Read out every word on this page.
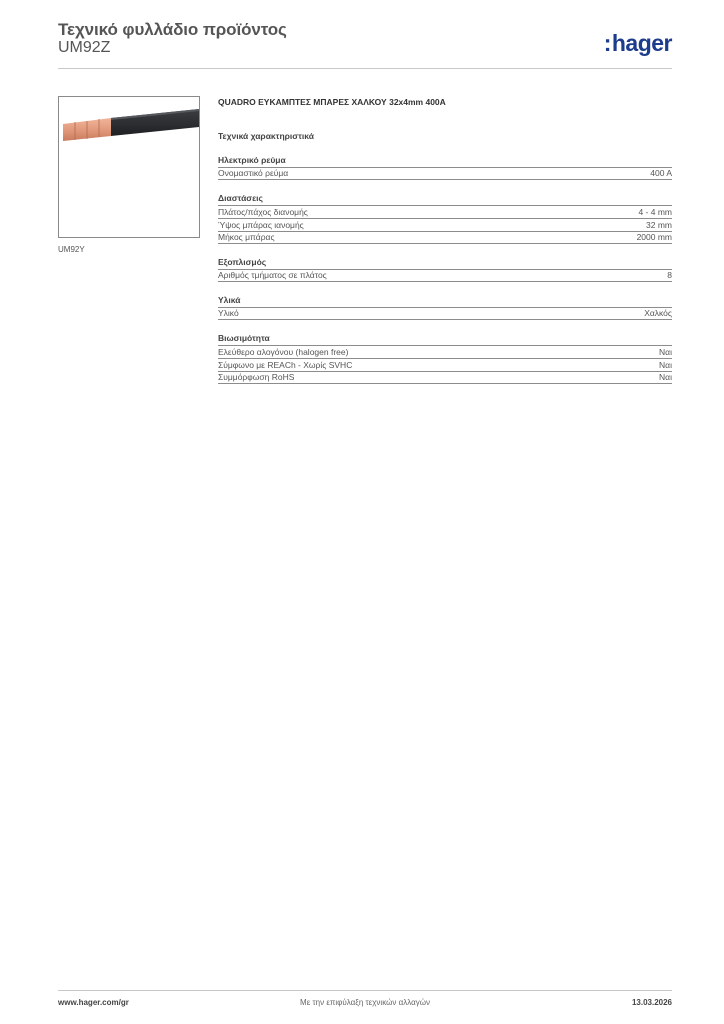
Τεχνικό φυλλάδιο προϊόντος
UM92Z	:hager
UM92Y
QUADRO ΕΥΚΑΜΠΤΕΣ ΜΠΑΡΕΣ ΧΑΛΚΟΥ 32x4mm 400A
Τεχνικά χαρακτηριστικά
Ηλεκτρικό ρεύμα
Ονομαστικό ρεύμα	400 A
Διαστάσεις
Πλάτος/πάχος διανομής	4 - 4 mm
Ύψος μπάρας ιανομής	32 mm
Μήκος μπάρας	2000 mm
Εξοπλισμός
Αριθμός τμήματος σε πλάτος	8
Υλικά
Υλικό	Χαλκός
Βιωσιμότητα
Ελεύθερο αλογόνου (halogen free)	Ναι
Σύμφωνο με REACh - Χωρίς SVHC	Ναι
Συμμόρφωση RoHS	Ναι
www.hager.com/gr	Με την επιφύλαξη τεχνικών αλλαγών	13.03.2026
